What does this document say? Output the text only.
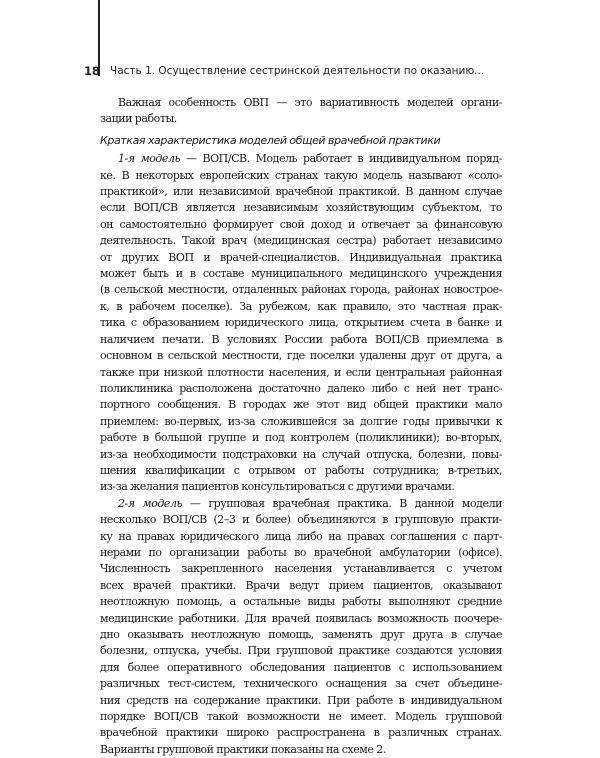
18 Часть 1. Осуществление сестринской деятельности по оказанию...
Важная особенность ОВП — это вариативность моделей органи-
зации работы.
Краткая характеристика моделей общей врачебной практики
1-я модель — ВОП/СВ. Модель работает в индивидуальном поряд-
ке. В некоторых европейских странах такую модель называют «соло-
практикой», или независимой врачебной практикой. В данном случае
если ВОП/СВ является независимым хозяйствующим субъектом, то
он самостоятельно формирует свой доход и отвечает за финансовую
деятельность. Такой врач (медицинская сестра) работает независимо
от других ВОП и врачей-специалистов. Индивидуальная практика
может быть и в составе муниципального медицинского учреждения
(в сельской местности, отдаленных районах города, районах новострое-
к, в рабочем поселке). За рубежом, как правило, это частная прак-
тика с образованием юридического лица, открытием счета в банке и
наличием печати. В условиях России работа ВОП/СВ приемлема в
основном в сельской местности, где поселки удалены друг от друга, а
также при низкой плотности населения, и если центральная районная
поликлиника расположена достаточно далеко либо с ней нет транс-
портного сообщения. В городах же этот вид общей практики мало
приемлем: во-первых, из-за сложившейся за долгие годы привычки к
работе в большой группе и под контролем (поликлиники); во-вторых,
из-за необходимости подстраховки на случай отпуска, болезни, повы-
шения квалификации с отрывом от работы сотрудника; в-третьих,
из-за желания пациентов консультироваться с другими врачами.
2-я модель — групповая врачебная практика. В данной модели
несколько ВОП/СВ (2–3 и более) объединяются в групповую практи-
ку на правах юридического лица либо на правах соглашения с парт-
нерами по организации работы во врачебной амбулатории (офисе).
Численность закрепленного населения устанавливается с учетом
всех врачей практики. Врачи ведут прием пациентов, оказывают
неотложную помощь, а остальные виды работы выполняют средние
медицинские работники. Для врачей появилась возможность поочере-
дно оказывать неотложную помощь, заменять друг друга в случае
болезни, отпуска, учебы. При групповой практике создаются условия
для более оперативного обследования пациентов с использованием
различных тест-систем, технического оснащения за счет объедине-
ния средств на содержание практики. При работе в индивидуальном
порядке ВОП/СВ такой возможности не имеет. Модель групповой
врачебной практики широко распространена в различных странах.
Варианты групповой практики показаны на схеме 2.
